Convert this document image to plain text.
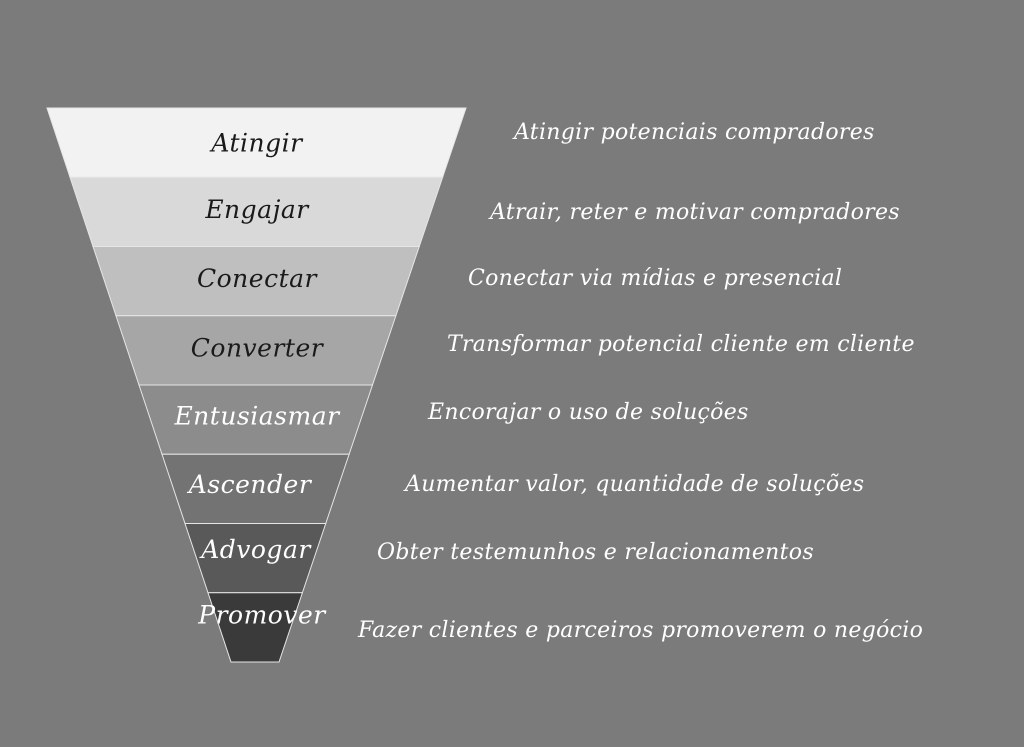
Atingir
Engajar
Conectar
Converter
Entusiasmar
Ascender
Advogar
Promover
Atingir potenciais compradores
Atrair, reter e motivar compradores
Conectar via mídias e presencial
Transformar potencial cliente em cliente
Encorajar o uso de soluções
Aumentar valor, quantidade de soluções
Obter testemunhos e relacionamentos
Fazer clientes e parceiros promoverem o negócio
